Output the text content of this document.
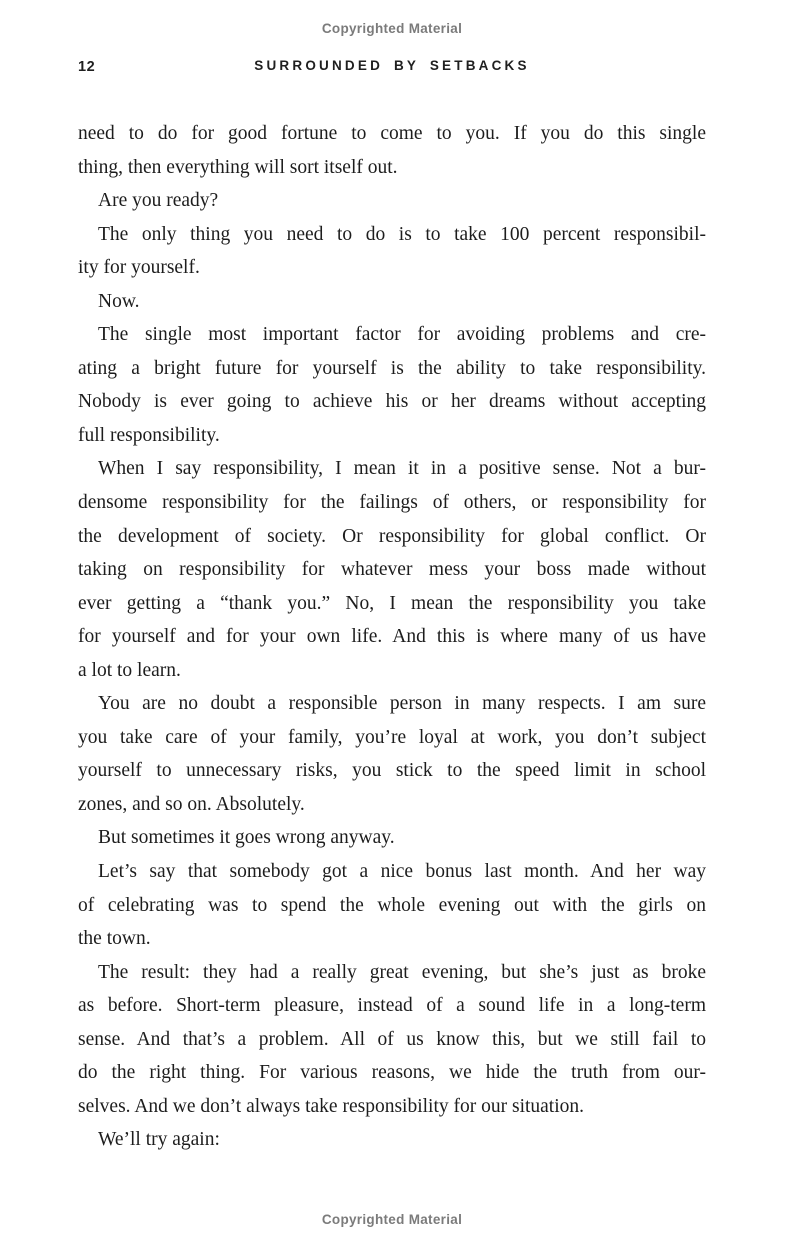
Copyrighted Material
12	SURROUNDED BY SETBACKS
need to do for good fortune to come to you. If you do this single
thing, then everything will sort itself out.
Are you ready?
The only thing you need to do is to take 100 percent responsibil-
ity for yourself.
Now.
The single most important factor for avoiding problems and cre-
ating a bright future for yourself is the ability to take responsibility.
Nobody is ever going to achieve his or her dreams without accepting
full responsibility.
When I say responsibility, I mean it in a positive sense. Not a bur-
densome responsibility for the failings of others, or responsibility for
the development of society. Or responsibility for global conflict. Or
taking on responsibility for whatever mess your boss made without
ever getting a “thank you.” No, I mean the responsibility you take
for yourself and for your own life. And this is where many of us have
a lot to learn.
You are no doubt a responsible person in many respects. I am sure
you take care of your family, you’re loyal at work, you don’t subject
yourself to unnecessary risks, you stick to the speed limit in school
zones, and so on. Absolutely.
But sometimes it goes wrong anyway.
Let’s say that somebody got a nice bonus last month. And her way
of celebrating was to spend the whole evening out with the girls on
the town.
The result: they had a really great evening, but she’s just as broke
as before. Short-term pleasure, instead of a sound life in a long-term
sense. And that’s a problem. All of us know this, but we still fail to
do the right thing. For various reasons, we hide the truth from our-
selves. And we don’t always take responsibility for our situation.
We’ll try again:
Copyrighted Material
